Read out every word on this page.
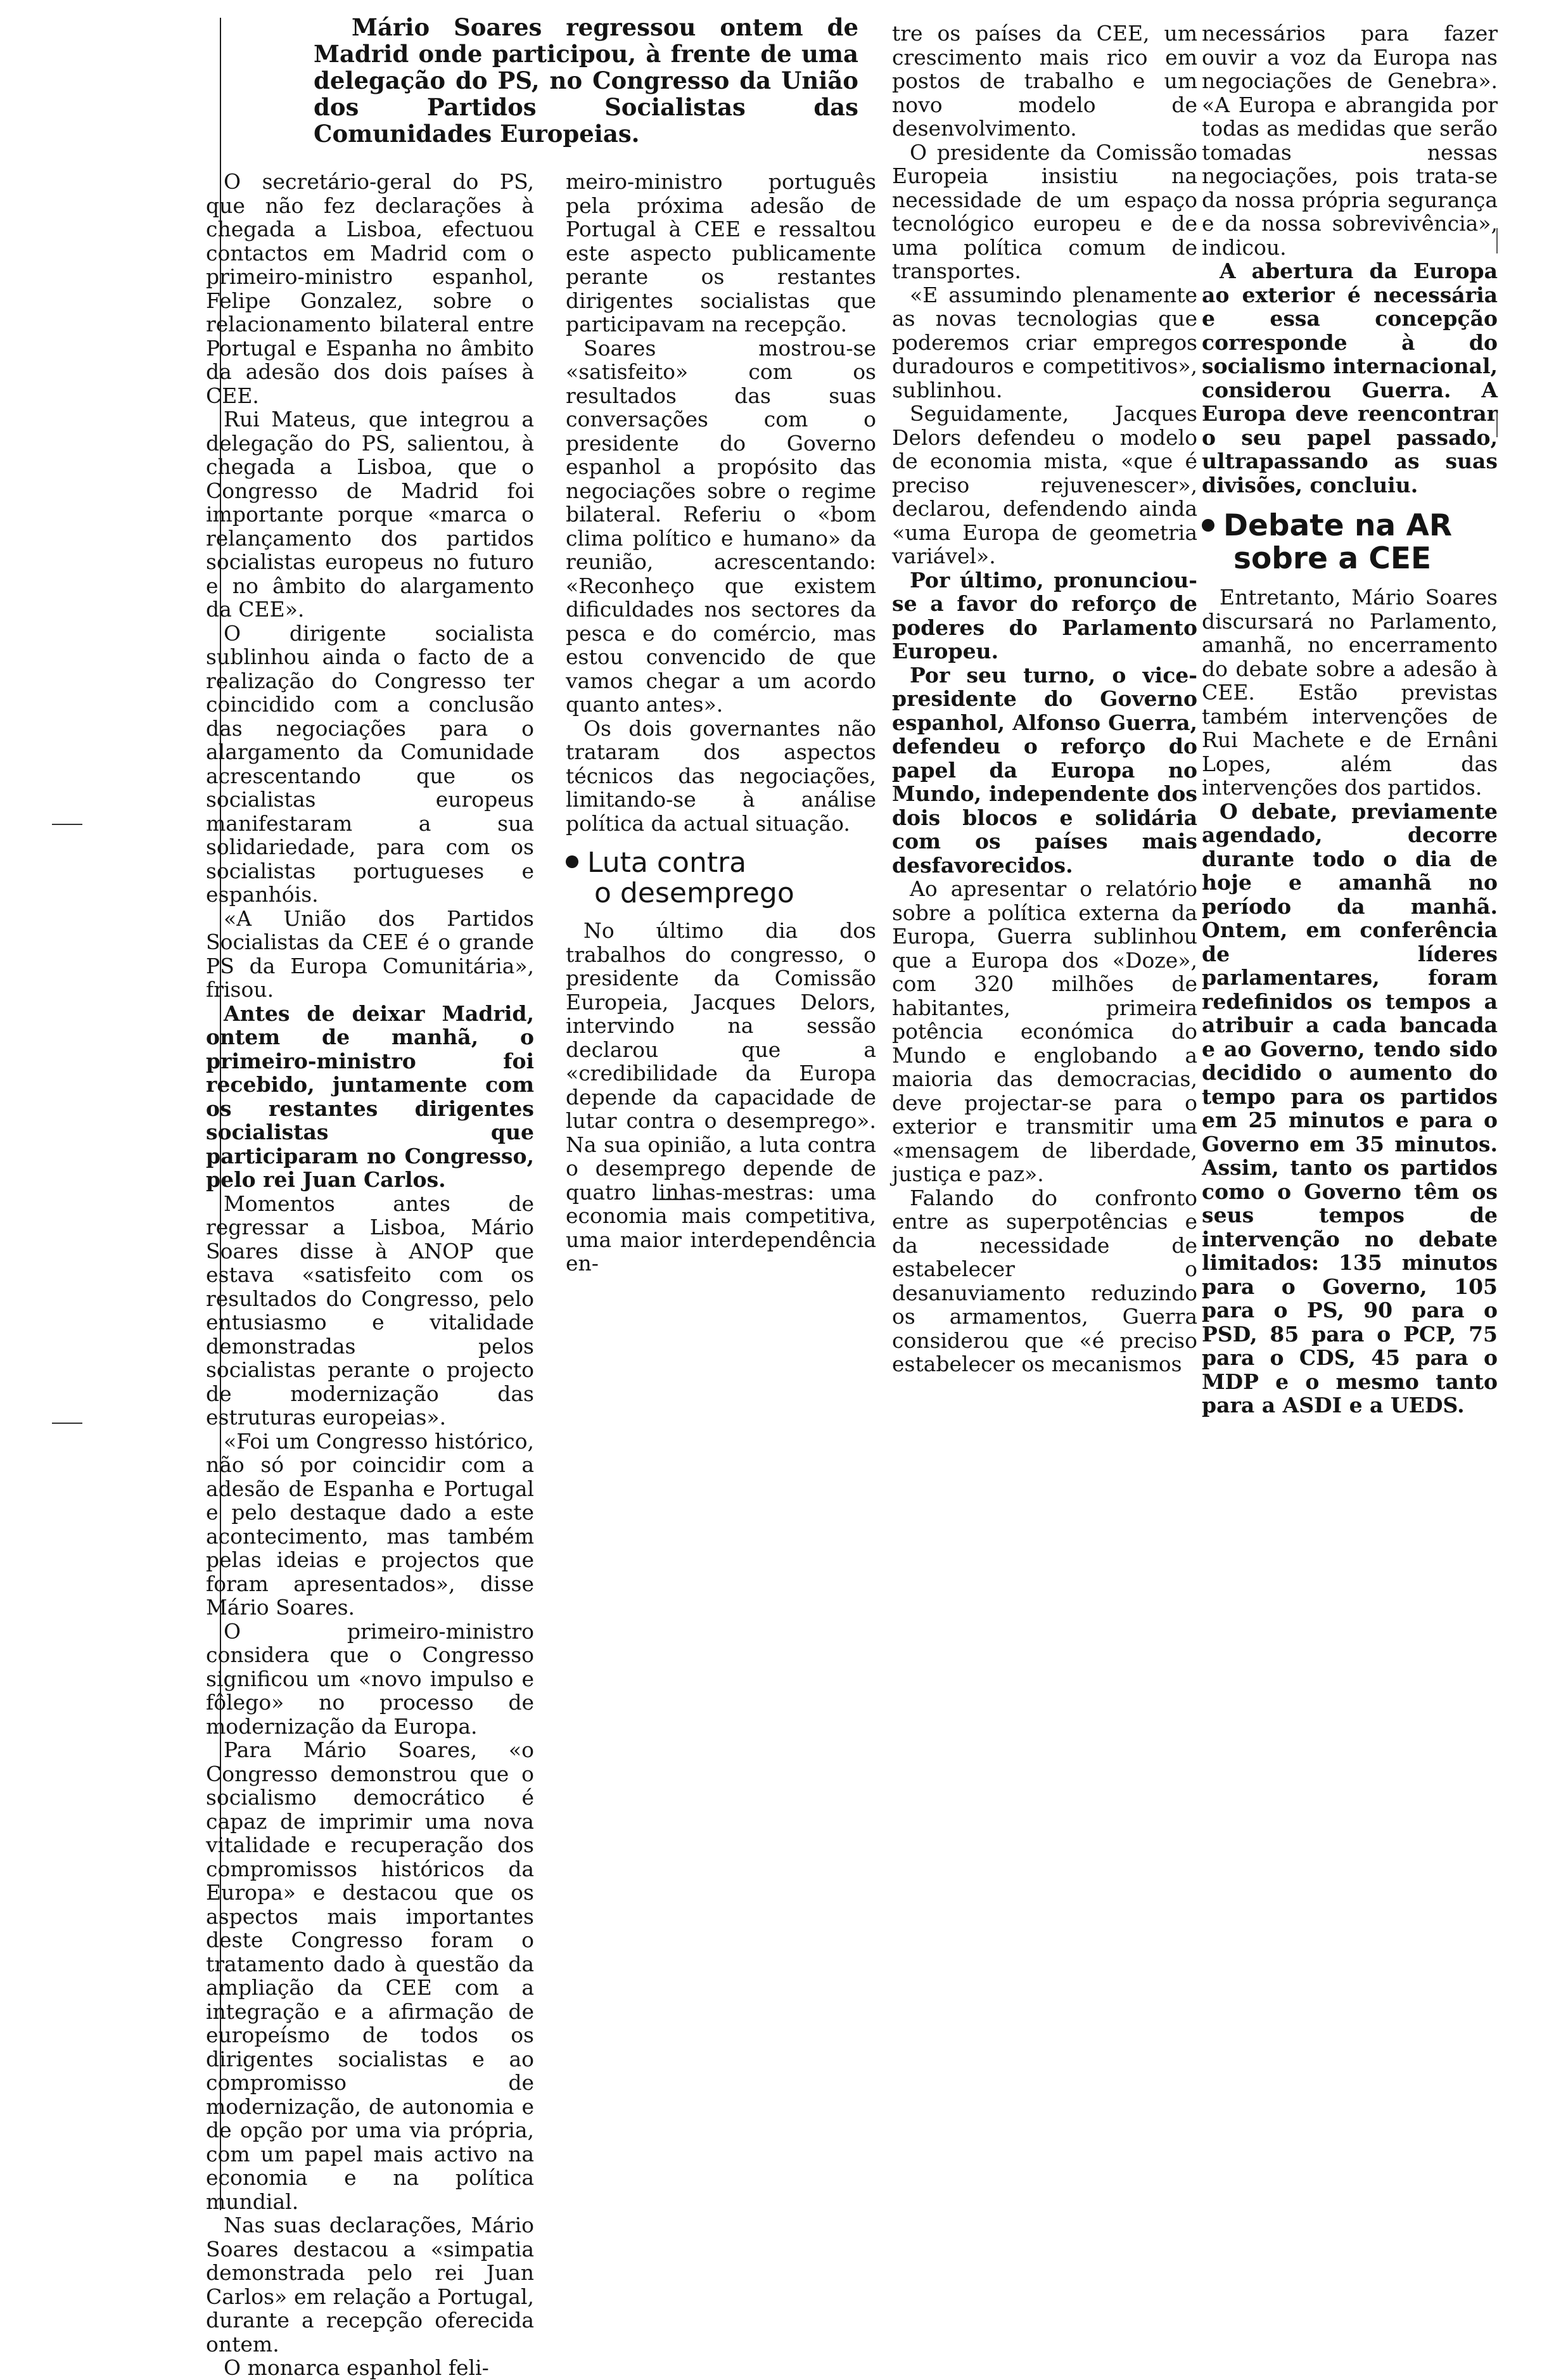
Mário Soares regressou ontem de Madrid onde participou, à frente de uma delegação do PS, no Congresso da União dos Partidos Socialistas das Comunidades Europeias.

O secretário-geral do PS, que não fez declarações à chegada a Lisboa, efectuou contactos em Madrid com o primeiro-ministro espanhol, Felipe Gonzalez, sobre o relacionamento bilateral entre Portugal e Espanha no âmbito da adesão dos dois países à CEE.

Rui Mateus, que integrou a delegação do PS, salientou, à chegada a Lisboa, que o Congresso de Madrid foi importante porque «marca o relançamento dos partidos socialistas europeus no futuro e no âmbito do alargamento da CEE».

O dirigente socialista sublinhou ainda o facto de a realização do Congresso ter coincidido com a conclusão das negociações para o alargamento da Comunidade acrescentando que os socialistas europeus manifestaram a sua solidariedade, para com os socialistas portugueses e espanhóis.

«A União dos Partidos Socialistas da CEE é o grande PS da Europa Comunitária», frisou.

Antes de deixar Madrid, ontem de manhã, o primeiro-ministro foi recebido, juntamente com os restantes dirigentes socialistas que participaram no Congresso, pelo rei Juan Carlos.

Momentos antes de regressar a Lisboa, Mário Soares disse à ANOP que estava «satisfeito com os resultados do Congresso, pelo entusiasmo e vitalidade demonstradas pelos socialistas perante o projecto de modernização das estruturas europeias».

«Foi um Congresso histórico, não só por coincidir com a adesão de Espanha e Portugal e pelo destaque dado a este acontecimento, mas também pelas ideias e projectos que foram apresentados», disse Mário Soares.

O primeiro-ministro considera que o Congresso significou um «novo impulso e fôlego» no processo de modernização da Europa.

Para Mário Soares, «o Congresso demonstrou que o socialismo democrático é capaz de imprimir uma nova vitalidade e recuperação dos compromissos históricos da Europa» e destacou que os aspectos mais importantes deste Congresso foram o tratamento dado à questão da ampliação da CEE com a integração e a afirmação de europeísmo de todos os dirigentes socialistas e ao compromisso de modernização, de autonomia e de opção por uma via própria, com um papel mais activo na economia e na política mundial.

Nas suas declarações, Mário Soares destacou a «simpatia demonstrada pelo rei Juan Carlos» em relação a Portugal, durante a recepção oferecida ontem.

O monarca espanhol feli-

meiro-ministro português pela próxima adesão de Portugal à CEE e ressaltou este aspecto publicamente perante os restantes dirigentes socialistas que participavam na recepção.

Soares mostrou-se «satisfeito» com os resultados das suas conversações com o presidente do Governo espanhol a propósito das negociações sobre o regime bilateral. Referiu o «bom clima político e humano» da reunião, acrescentando: «Reconheço que existem dificuldades nos sectores da pesca e do comércio, mas estou convencido de que vamos chegar a um acordo quanto antes».

Os dois governantes não trataram dos aspectos técnicos das negociações, limitando-se à análise política da actual situação.

Luta contra
o desemprego

No último dia dos trabalhos do congresso, o presidente da Comissão Europeia, Jacques Delors, intervindo na sessão declarou que a «credibilidade da Europa depende da capacidade de lutar contra o desemprego». Na sua opinião, a luta contra o desemprego depende de quatro linhas-mestras: uma economia mais competitiva, uma maior interdependência en-

tre os países da CEE, um crescimento mais rico em postos de trabalho e um novo modelo de desenvolvimento.

O presidente da Comissão Europeia insistiu na necessidade de um espaço tecnológico europeu e de uma política comum de transportes.

«E assumindo plenamente as novas tecnologias que poderemos criar empregos duradouros e competitivos», sublinhou.

Seguidamente, Jacques Delors defendeu o modelo de economia mista, «que é preciso rejuvenescer», declarou, defendendo ainda «uma Europa de geometria variável».

Por último, pronunciou-se a favor do reforço de poderes do Parlamento Europeu.

Por seu turno, o vice-presidente do Governo espanhol, Alfonso Guerra, defendeu o reforço do papel da Europa no Mundo, independente dos dois blocos e solidária com os países mais desfavorecidos.

Ao apresentar o relatório sobre a política externa da Europa, Guerra sublinhou que a Europa dos «Doze», com 320 milhões de habitantes, primeira potência económica do Mundo e englobando a maioria das democracias, deve projectar-se para o exterior e transmitir uma «mensagem de liberdade, justiça e paz».

Falando do confronto entre as superpotências e da necessidade de estabelecer o desanuviamento reduzindo os armamentos, Guerra considerou que «é preciso estabelecer os mecanismos

necessários para fazer ouvir a voz da Europa nas negociações de Genebra». «A Europa e abrangida por todas as medidas que serão tomadas nessas negociações, pois trata-se da nossa própria segurança e da nossa sobrevivência», indicou.

A abertura da Europa ao exterior é necessária e essa concepção corresponde à do socialismo internacional, considerou Guerra. A Europa deve reencontrar o seu papel passado, ultrapassando as suas divisões, concluiu.

Debate na AR
sobre a CEE

Entretanto, Mário Soares discursará no Parlamento, amanhã, no encerramento do debate sobre a adesão à CEE. Estão previstas também intervenções de Rui Machete e de Ernâni Lopes, além das intervenções dos partidos.

O debate, previamente agendado, decorre durante todo o dia de hoje e amanhã no período da manhã. Ontem, em conferência de líderes parlamentares, foram redefinidos os tempos a atribuir a cada bancada e ao Governo, tendo sido decidido o aumento do tempo para os partidos em 25 minutos e para o Governo em 35 minutos. Assim, tanto os partidos como o Governo têm os seus tempos de intervenção no debate limitados: 135 minutos para o Governo, 105 para o PS, 90 para o PSD, 85 para o PCP, 75 para o CDS, 45 para o MDP e o mesmo tanto para a ASDI e a UEDS.
